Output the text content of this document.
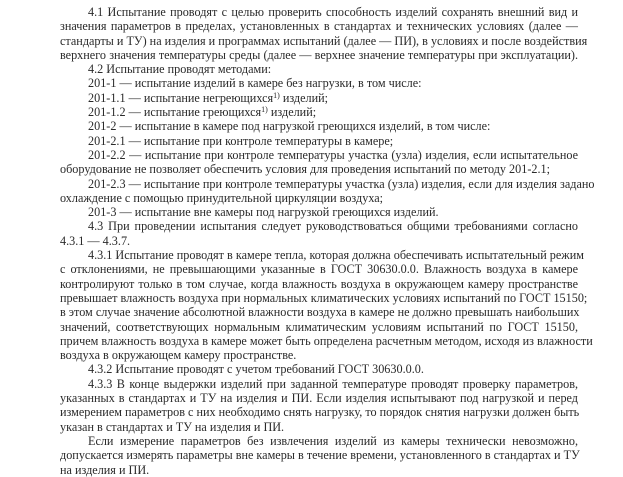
4.1 Испытание проводят с целью проверить способность изделий сохранять внешний вид и
значения параметров в пределах, установленных в стандартах и технических условиях (далее —
стандарты и ТУ) на изделия и программах испытаний (далее — ПИ), в условиях и после воздействия
верхнего значения температуры среды (далее — верхнее значение температуры при эксплуатации).
4.2 Испытание проводят методами:
201-1 — испытание изделий в камере без нагрузки, в том числе:
201-1.1 — испытание негреющихся$^{1)}$ изделий;
201-1.2 — испытание греющихся$^{1)}$ изделий;
201-2 — испытание в камере под нагрузкой греющихся изделий, в том числе:
201-2.1 — испытание при контроле температуры в камере;
201-2.2 — испытание при контроле температуры участка (узла) изделия, если испытательное
оборудование не позволяет обеспечить условия для проведения испытаний по методу 201-2.1;
201-2.3 — испытание при контроле температуры участка (узла) изделия, если для изделия задано
охлаждение с помощью принудительной циркуляции воздуха;
201-3 — испытание вне камеры под нагрузкой греющихся изделий.
4.3 При проведении испытания следует руководствоваться общими требованиями согласно
4.3.1 — 4.3.7.
4.3.1 Испытание проводят в камере тепла, которая должна обеспечивать испытательный режим
с отклонениями, не превышающими указанные в ГОСТ 30630.0.0. Влажность воздуха в камере
контролируют только в том случае, когда влажность воздуха в окружающем камеру пространстве
превышает влажность воздуха при нормальных климатических условиях испытаний по ГОСТ 15150;
в этом случае значение абсолютной влажности воздуха в камере не должно превышать наибольших
значений, соответствующих нормальным климатическим условиям испытаний по ГОСТ 15150,
причем влажность воздуха в камере может быть определена расчетным методом, исходя из влажности
воздуха в окружающем камеру пространстве.
4.3.2 Испытание проводят с учетом требований ГОСТ 30630.0.0.
4.3.3 В конце выдержки изделий при заданной температуре проводят проверку параметров,
указанных в стандартах и ТУ на изделия и ПИ. Если изделия испытывают под нагрузкой и перед
измерением параметров с них необходимо снять нагрузку, то порядок снятия нагрузки должен быть
указан в стандартах и ТУ на изделия и ПИ.
Если измерение параметров без извлечения изделий из камеры технически невозможно,
допускается измерять параметры вне камеры в течение времени, установленного в стандартах и ТУ
на изделия и ПИ.
